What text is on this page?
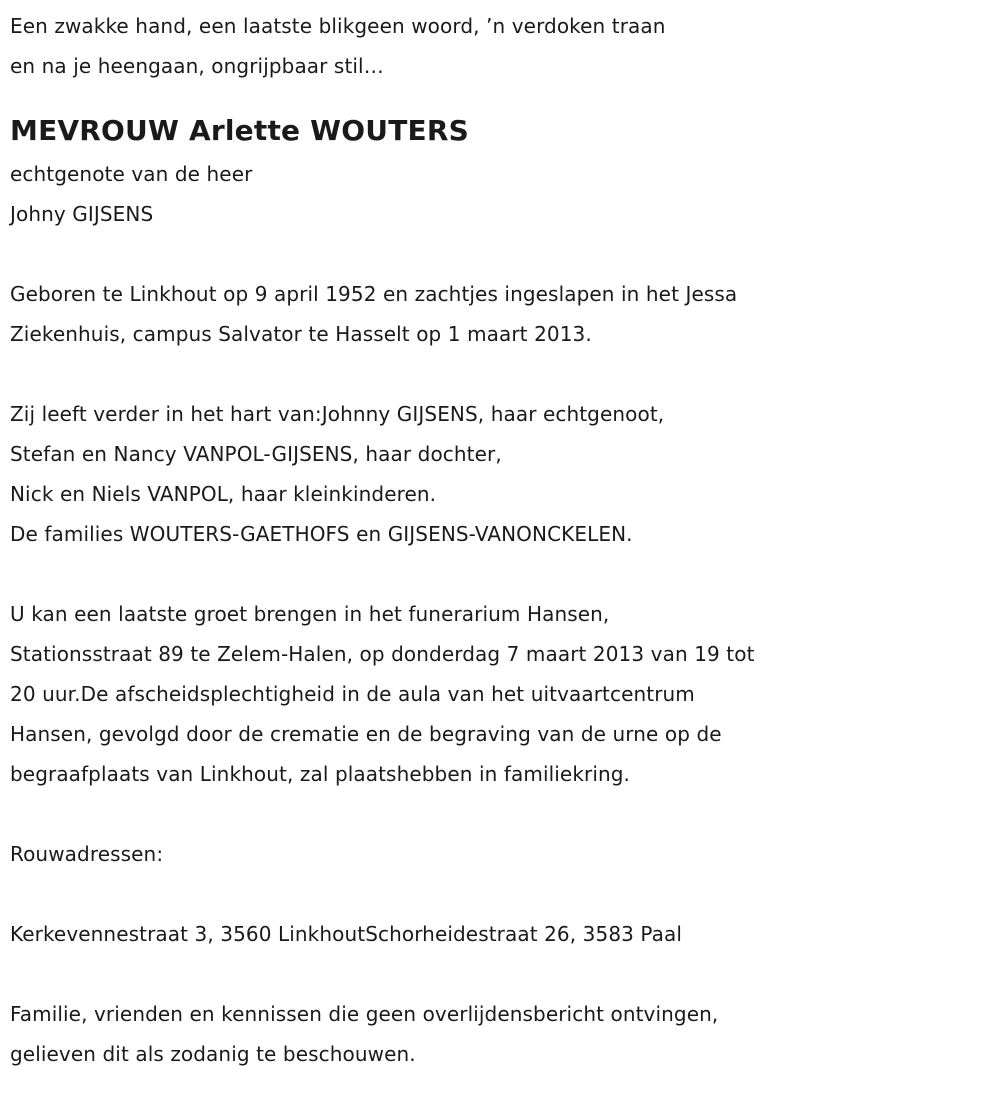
Een zwakke hand, een laatste blikgeen woord, ’n verdoken traan
en na je heengaan, ongrijpbaar stil…
MEVROUW Arlette WOUTERS
echtgenote van de heer
Johny GIJSENS
Geboren te Linkhout op 9 april 1952 en zachtjes ingeslapen in het Jessa
Ziekenhuis, campus Salvator te Hasselt op 1 maart 2013.
Zij leeft verder in het hart van:Johnny GIJSENS, haar echtgenoot,
Stefan en Nancy VANPOL-GIJSENS, haar dochter,
Nick en Niels VANPOL, haar kleinkinderen.
De families WOUTERS-GAETHOFS en GIJSENS-VANONCKELEN.
U kan een laatste groet brengen in het funerarium Hansen,
Stationsstraat 89 te Zelem-Halen, op donderdag 7 maart 2013 van 19 tot
20 uur.De afscheidsplechtigheid in de aula van het uitvaartcentrum
Hansen, gevolgd door de crematie en de begraving van de urne op de
begraafplaats van Linkhout, zal plaatshebben in familiekring.
Rouwadressen:
Kerkevennestraat 3, 3560 LinkhoutSchorheidestraat 26, 3583 Paal
Familie, vrienden en kennissen die geen overlijdensbericht ontvingen,
gelieven dit als zodanig te beschouwen.
